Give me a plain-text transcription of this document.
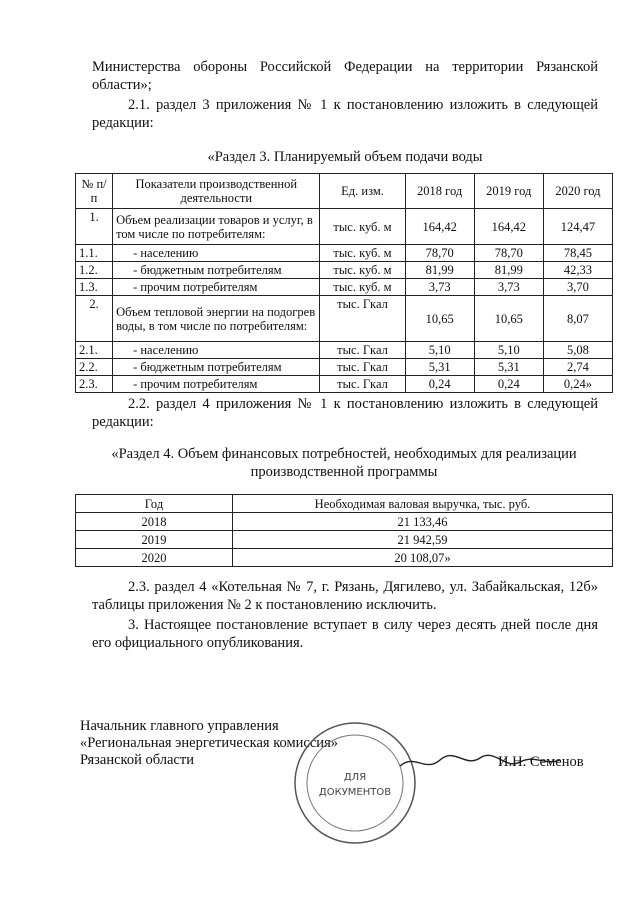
Министерства обороны Российской Федерации на территории Рязанской области»;
2.1. раздел 3 приложения № 1 к постановлению изложить в следующей редакции:
«Раздел 3. Планируемый объем подачи воды
№ п/п	Показатели производственной деятельности	Ед. изм.	2018 год	2019 год	2020 год
1.	Объем реализации товаров и услуг, в том числе по потребителям:	тыс. куб. м	164,42	164,42	124,47
1.1.	- населению	тыс. куб. м	78,70	78,70	78,45
1.2.	- бюджетным потребителям	тыс. куб. м	81,99	81,99	42,33
1.3.	- прочим потребителям	тыс. куб. м	3,73	3,73	3,70
2.	Объем тепловой энергии на подогрев воды, в том числе по потребителям:	тыс. Гкал	10,65	10,65	8,07
2.1.	- населению	тыс. Гкал	5,10	5,10	5,08
2.2.	- бюджетным потребителям	тыс. Гкал	5,31	5,31	2,74
2.3.	- прочим потребителям	тыс. Гкал	0,24	0,24	0,24»
2.2. раздел 4 приложения № 1 к постановлению изложить в следующей редакции:
«Раздел 4. Объем финансовых потребностей, необходимых для реализации производственной программы
Год	Необходимая валовая выручка, тыс. руб.
2018	21 133,46
2019	21 942,59
2020	20 108,07»
2.3. раздел 4 «Котельная № 7, г. Рязань, Дягилево, ул. Забайкальская, 12б» таблицы приложения № 2 к постановлению исключить.
3. Настоящее постановление вступает в силу через десять дней после дня его официального опубликования.
Начальник главного управления
«Региональная энергетическая комиссия»
Рязанской области
ДЛЯ
ДОКУМЕНТОВ
И.Н. Семенов
